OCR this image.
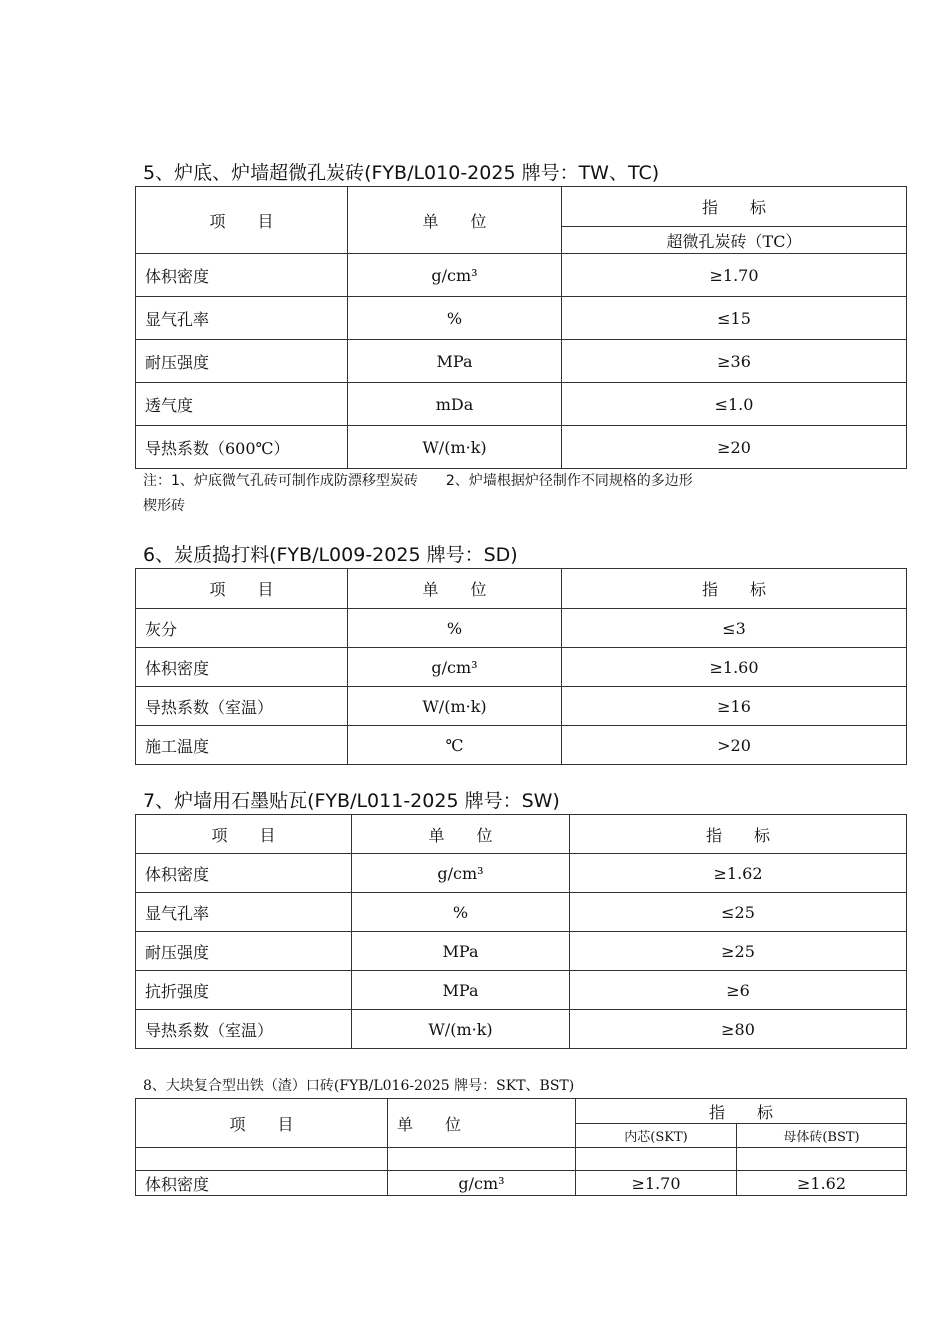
5、炉底、炉墙超微孔炭砖(FYB/L010-2025 牌号：TW、TC)
项　　目	单　　位	指　　标
		超微孔炭砖（TC）
体积密度	g/cm³	≥1.70
显气孔率	%	≤15
耐压强度	MPa	≥36
透气度	mDa	≤1.0
导热系数（600℃）	W/(m·k)	≥20
注：1、炉底微气孔砖可制作成防漂移型炭砖　　2、炉墙根据炉径制作不同规格的多边形
楔形砖
6、炭质捣打料(FYB/L009-2025 牌号：SD)
项　　目	单　　位	指　　标
灰分	%	≤3
体积密度	g/cm³	≥1.60
导热系数（室温）	W/(m·k)	≥16
施工温度	℃	>20
7、炉墙用石墨贴瓦(FYB/L011-2025 牌号：SW)
项　　目	单　　位	指　　标
体积密度	g/cm³	≥1.62
显气孔率	%	≤25
耐压强度	MPa	≥25
抗折强度	MPa	≥6
导热系数（室温）	W/(m·k)	≥80
8、大块复合型出铁（渣）口砖(FYB/L016-2025 牌号：SKT、BST)
项　　目	单　　位	指　　标	
		内芯(SKT)	母体砖(BST)

体积密度	g/cm³	≥1.70	≥1.62
